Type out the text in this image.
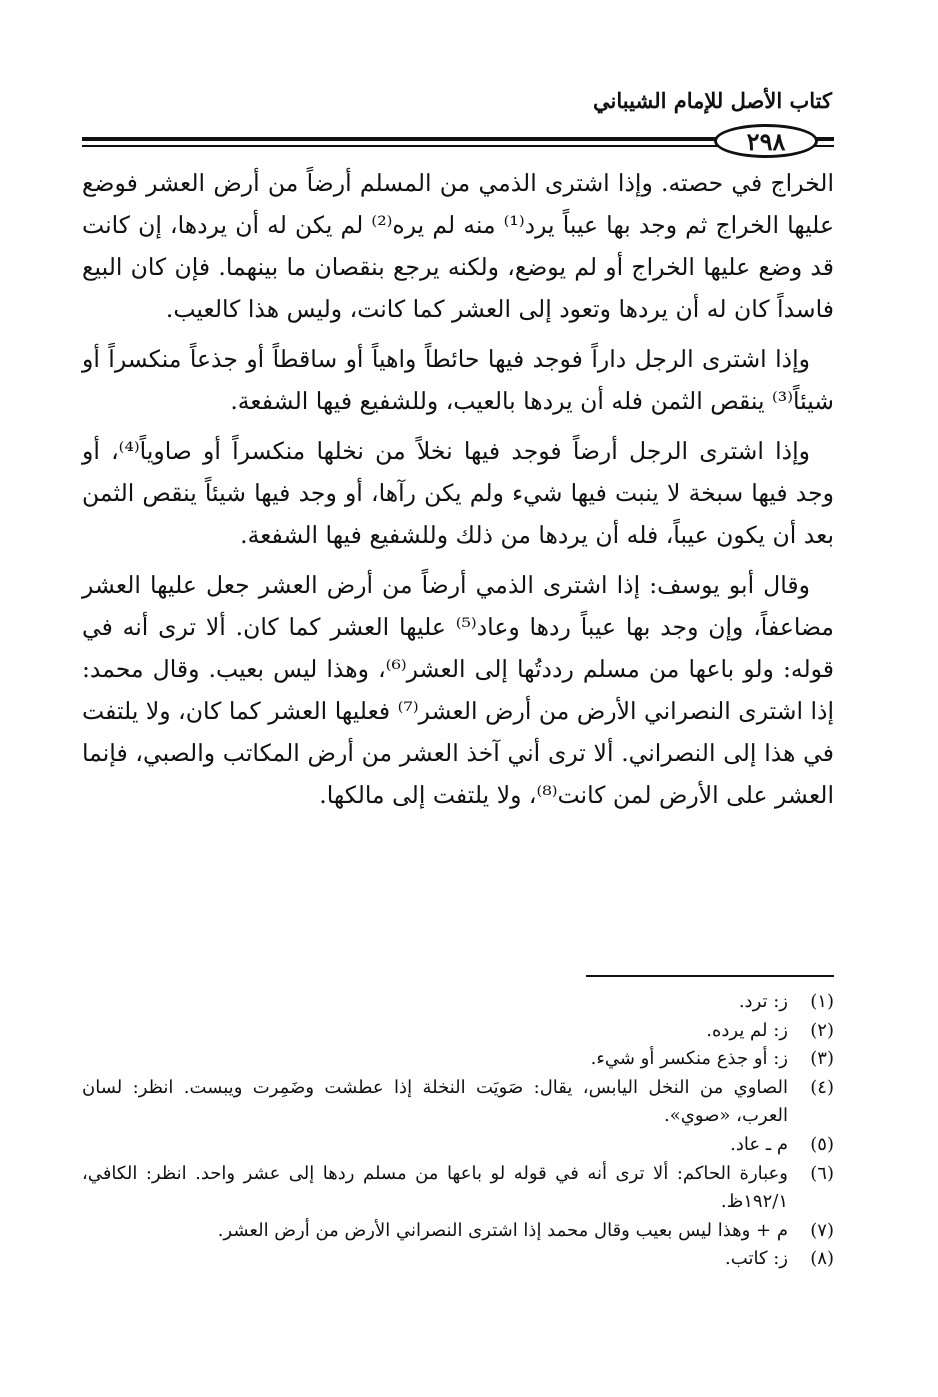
كتاب الأصل للإمام الشيباني
٢٩٨

الخراج في حصته. وإذا اشترى الذمي من المسلم أرضاً من أرض العشر فوضع عليها الخراج ثم وجد بها عيباً يرد⁽¹⁾ منه لم يره⁽²⁾ لم يكن له أن يردها، إن كانت قد وضع عليها الخراج أو لم يوضع، ولكنه يرجع بنقصان ما بينهما. فإن كان البيع فاسداً كان له أن يردها وتعود إلى العشر كما كانت، وليس هذا كالعيب.

وإذا اشترى الرجل داراً فوجد فيها حائطاً واهياً أو ساقطاً أو جذعاً منكسراً أو شيئاً⁽³⁾ ينقص الثمن فله أن يردها بالعيب، وللشفيع فيها الشفعة.

وإذا اشترى الرجل أرضاً فوجد فيها نخلاً من نخلها منكسراً أو صاوياً⁽⁴⁾، أو وجد فيها سبخة لا ينبت فيها شيء ولم يكن رآها، أو وجد فيها شيئاً ينقص الثمن بعد أن يكون عيباً، فله أن يردها من ذلك وللشفيع فيها الشفعة.

وقال أبو يوسف: إذا اشترى الذمي أرضاً من أرض العشر جعل عليها العشر مضاعفاً، وإن وجد بها عيباً ردها وعاد⁽⁵⁾ عليها العشر كما كان. ألا ترى أنه في قوله: ولو باعها من مسلم رددتُها إلى العشر⁽⁶⁾، وهذا ليس بعيب. وقال محمد: إذا اشترى النصراني الأرض من أرض العشر⁽⁷⁾ فعليها العشر كما كان، ولا يلتفت في هذا إلى النصراني. ألا ترى أني آخذ العشر من أرض المكاتب والصبي، فإنما العشر على الأرض لمن كانت⁽⁸⁾، ولا يلتفت إلى مالكها.

(١)
ز: ترد.
(٢)
ز: لم يرده.
(٣)
ز: أو جذع منكسر أو شيء.
(٤)
الصاوي من النخل اليابس، يقال: صَويَت النخلة إذا عطشت وضَمِرت ويبست. انظر: لسان العرب، «صوي».
(٥)
م ـ عاد.
(٦)
وعبارة الحاكم: ألا ترى أنه في قوله لو باعها من مسلم ردها إلى عشر واحد. انظر: الكافي، ١٩٢/١ظ.
(٧)
م + وهذا ليس بعيب وقال محمد إذا اشترى النصراني الأرض من أرض العشر.
(٨)
ز: كاتب.
